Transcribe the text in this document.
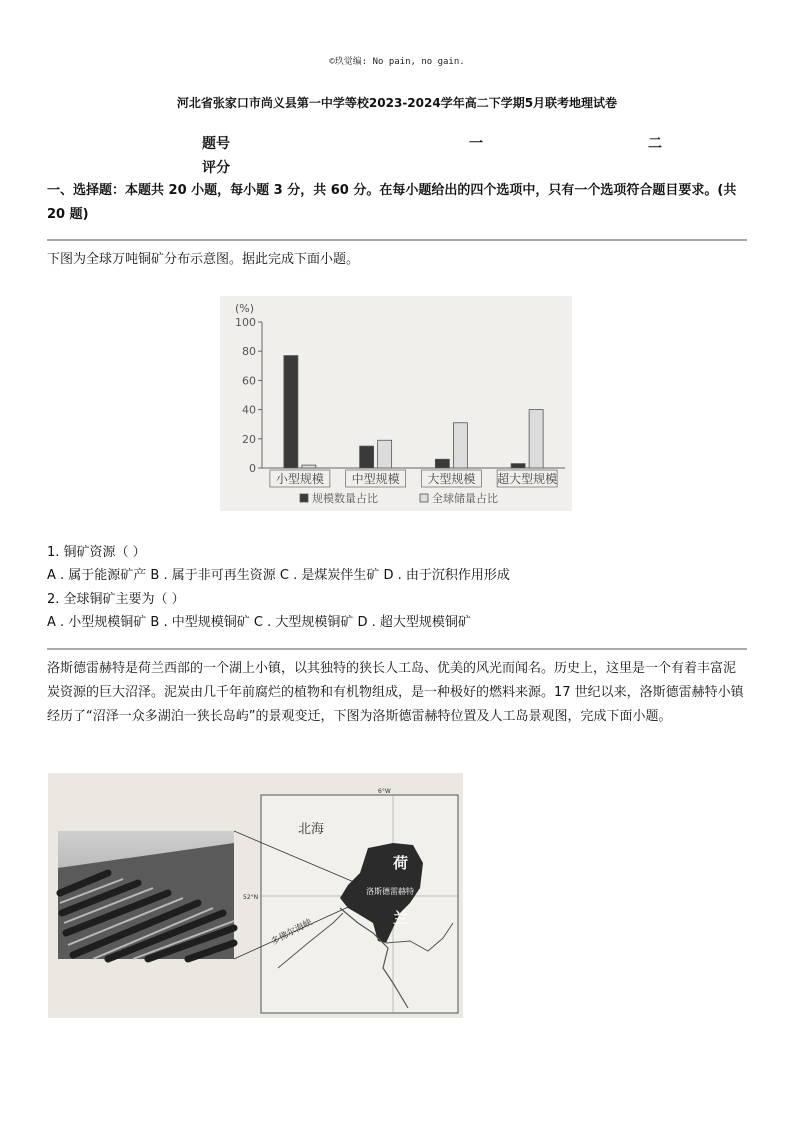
©玖觉编: No pain, no gain.
河北省张家口市尚义县第一中学等校2023-2024学年高二下学期5月联考地理试卷
题号	一	二
评分
一、选择题：本题共 20 小题，每小题 3 分，共 60 分。在每小题给出的四个选项中，只有一个选项符合题目要求。(共 20 题)
下图为全球万吨铜矿分布示意图。据此完成下面小题。
(%)
0
20
40
60
80
100
小型规模 中型规模 大型规模 超大型规模
规模数量占比	全球储量占比
1. 铜矿资源（ ）
A . 属于能源矿产 B . 属于非可再生资源 C . 是煤炭伴生矿 D . 由于沉积作用形成
2. 全球铜矿主要为（ ）
A . 小型规模铜矿 B . 中型规模铜矿 C . 大型规模铜矿 D . 超大型规模铜矿
洛斯德雷赫特是荷兰西部的一个湖上小镇，以其独特的狭长人工岛、优美的风光而闻名。历史上，这里是一个有着丰富泥炭资源的巨大沼泽。泥炭由几千年前腐烂的植物和有机物组成，是一种极好的燃料来源。17 世纪以来，洛斯德雷赫特小镇经历了“沼泽一众多湖泊一狭长岛屿”的景观变迁，下图为洛斯德雷赫特位置及人工岛景观图，完成下面小题。
6°W
北海
荷
兰
洛斯德雷赫特
52°N
多佛尔海峡
